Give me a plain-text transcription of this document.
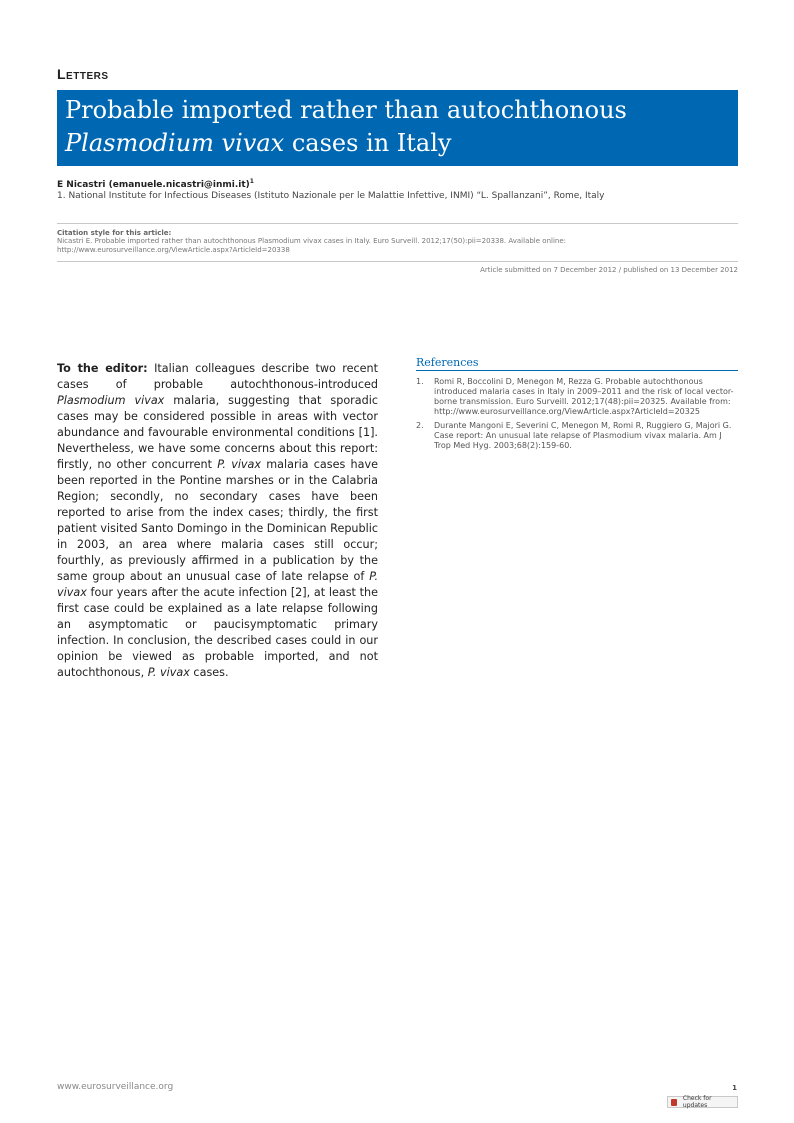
Letters
Probable imported rather than autochthonous
Plasmodium vivax cases in Italy
E Nicastri (emanuele.nicastri@inmi.it)$^1$
1. National Institute for Infectious Diseases (Istituto Nazionale per le Malattie Infettive, INMI) “L. Spallanzani”, Rome, Italy
Citation style for this article:
Nicastri E. Probable imported rather than autochthonous Plasmodium vivax cases in Italy. Euro Surveill. 2012;17(50):pii=20338. Available online: http://www.eurosurveillance.org/ViewArticle.aspx?ArticleId=20338
Article submitted on 7 December 2012 / published on 13 December 2012
To the editor: Italian colleagues describe two recent cases of probable autochthonous-introduced Plasmodium vivax malaria, suggesting that sporadic cases may be considered possible in areas with vector abundance and favourable environmental conditions [1]. Nevertheless, we have some concerns about this report: firstly, no other concurrent P. vivax malaria cases have been reported in the Pontine marshes or in the Calabria Region; secondly, no secondary cases have been reported to arise from the index cases; thirdly, the first patient visited Santo Domingo in the Dominican Republic in 2003, an area where malaria cases still occur; fourthly, as previously affirmed in a publication by the same group about an unusual case of late relapse of P. vivax four years after the acute infection [2], at least the first case could be explained as a late relapse following an asymptomatic or paucisymptomatic primary infection. In conclusion, the described cases could in our opinion be viewed as probable imported, and not autochthonous, P. vivax cases.
References
1. Romi R, Boccolini D, Menegon M, Rezza G. Probable autochthonous introduced malaria cases in Italy in 2009–2011 and the risk of local vector-borne transmission. Euro Surveill. 2012;17(48):pii=20325. Available from: http://www.eurosurveillance.org/ViewArticle.aspx?ArticleId=20325
2. Durante Mangoni E, Severini C, Menegon M, Romi R, Ruggiero G, Majori G. Case report: An unusual late relapse of Plasmodium vivax malaria. Am J Trop Med Hyg. 2003;68(2):159-60.
www.eurosurveillance.org	1
Check for updates
